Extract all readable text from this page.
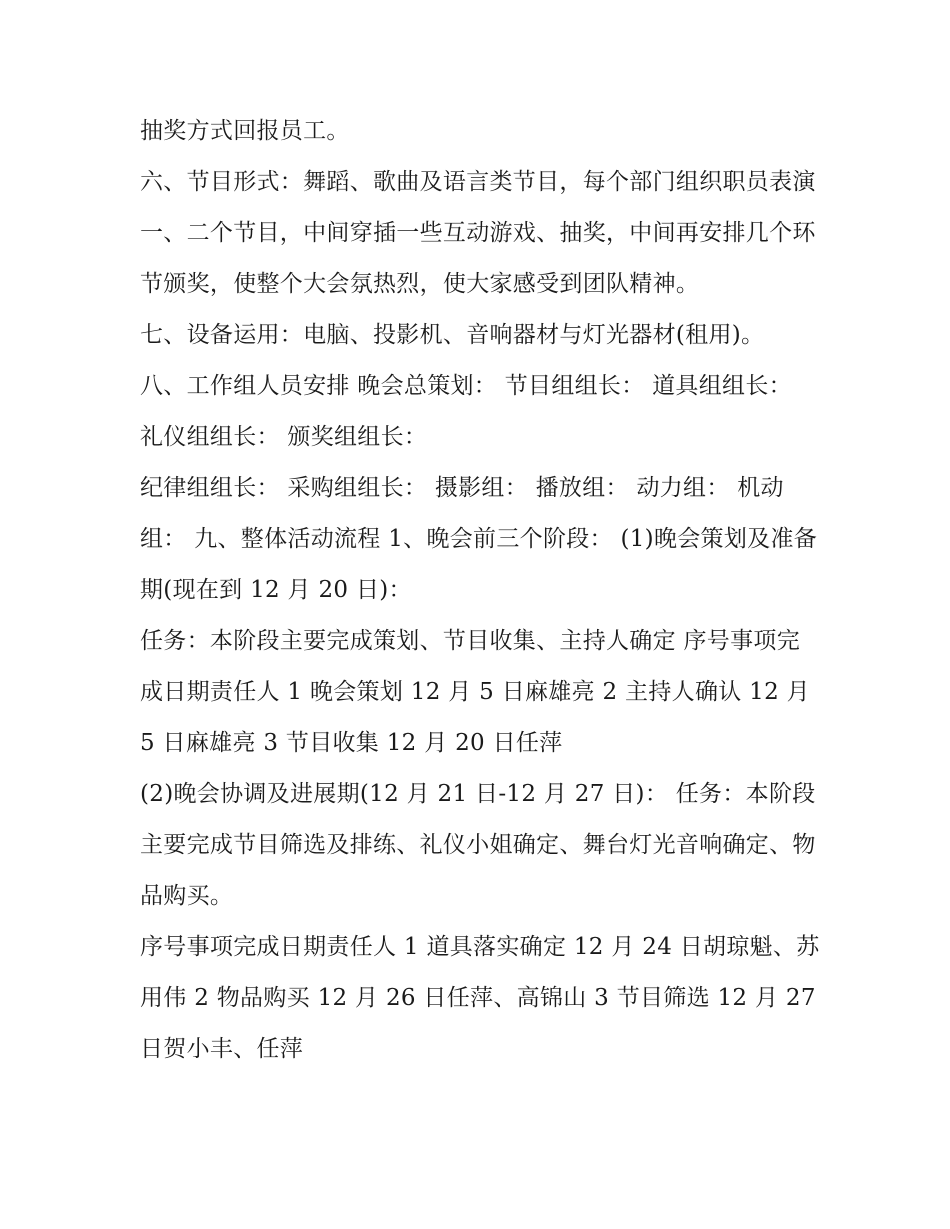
抽奖方式回报员工。

六、节目形式：舞蹈、歌曲及语言类节目，每个部门组织职员表演一、二个节目，中间穿插一些互动游戏、抽奖，中间再安排几个环节颁奖，使整个大会氛热烈，使大家感受到团队精神。

七、设备运用：电脑、投影机、音响器材与灯光器材(租用)。

八、工作组人员安排 晚会总策划： 节目组组长： 道具组组长： 礼仪组组长： 颁奖组组长：

纪律组组长： 采购组组长： 摄影组： 播放组： 动力组： 机动组： 九、整体活动流程 1、晚会前三个阶段： (1)晚会策划及准备期(现在到 12 月 20 日)：

任务：本阶段主要完成策划、节目收集、主持人确定 序号事项完成日期责任人 1 晚会策划 12 月 5 日麻雄亮 2 主持人确认 12 月 5 日麻雄亮 3 节目收集 12 月 20 日任萍

(2)晚会协调及进展期(12 月 21 日-12 月 27 日)： 任务：本阶段主要完成节目筛选及排练、礼仪小姐确定、舞台灯光音响确定、物品购买。

序号事项完成日期责任人 1 道具落实确定 12 月 24 日胡琼魁、苏用伟 2 物品购买 12 月 26 日任萍、高锦山 3 节目筛选 12 月 27 日贺小丰、任萍
